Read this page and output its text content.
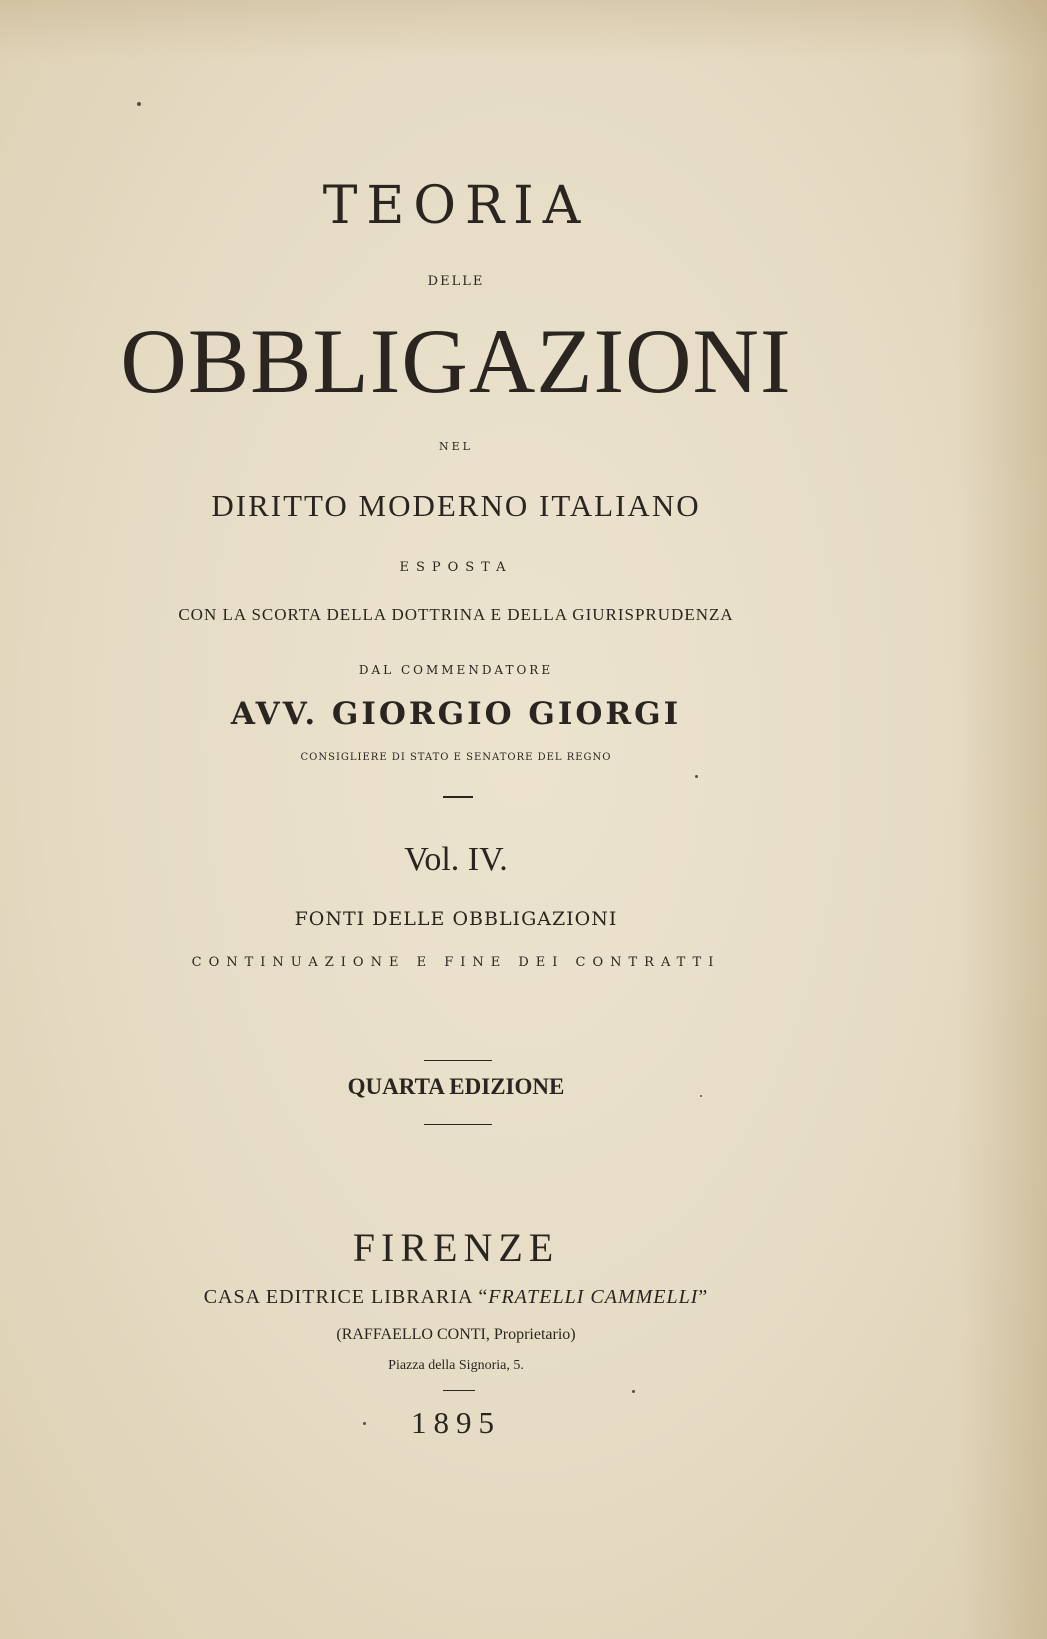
TEORIA
DELLE
OBBLIGAZIONI
NEL
DIRITTO MODERNO ITALIANO
ESPOSTA
CON LA SCORTA DELLA DOTTRINA E DELLA GIURISPRUDENZA
DAL COMMENDATORE
AVV. GIORGIO GIORGI
CONSIGLIERE DI STATO E SENATORE DEL REGNO
Vol. IV.
FONTI DELLE OBBLIGAZIONI
CONTINUAZIONE E FINE DEI CONTRATTI
QUARTA EDIZIONE
FIRENZE
CASA EDITRICE LIBRARIA “FRATELLI CAMMELLI”
(RAFFAELLO CONTI, Proprietario)
Piazza della Signoria, 5.
1895
